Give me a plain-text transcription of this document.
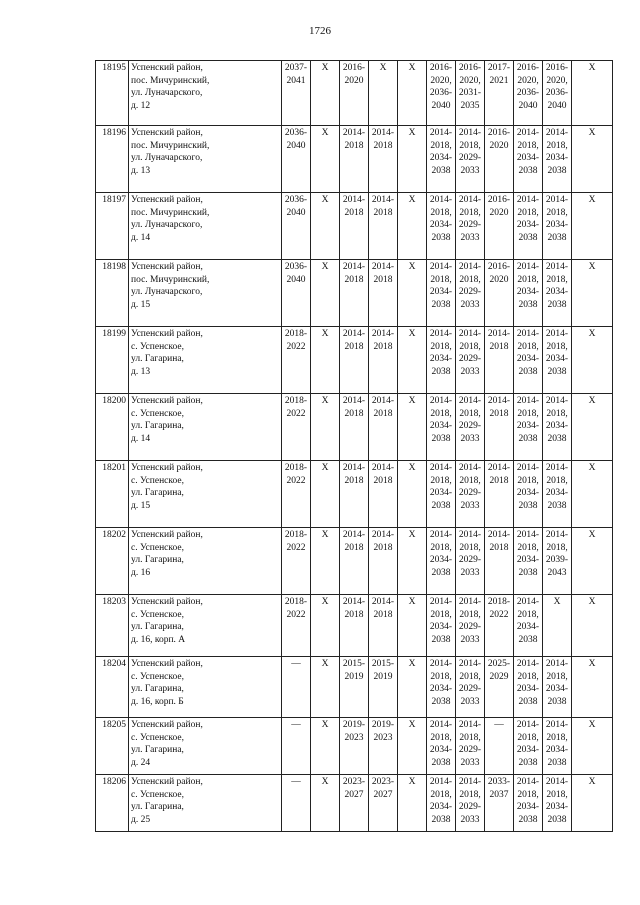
1726
18195	Успенский район,
пос. Мичуринский,
ул. Луначарского,
д. 12	2037-
2041	X	2016-
2020	X	X	2016-
2020,
2036-
2040	2016-
2020,
2031-
2035	2017-
2021	2016-
2020,
2036-
2040	2016-
2020,
2036-
2040	X

18196	Успенский район,
пос. Мичуринский,
ул. Луначарского,
д. 13	2036-
2040	X	2014-
2018	2014-
2018	X	2014-
2018,
2034-
2038	2014-
2018,
2029-
2033	2016-
2020	2014-
2018,
2034-
2038	2014-
2018,
2034-
2038	X

18197	Успенский район,
пос. Мичуринский,
ул. Луначарского,
д. 14	2036-
2040	X	2014-
2018	2014-
2018	X	2014-
2018,
2034-
2038	2014-
2018,
2029-
2033	2016-
2020	2014-
2018,
2034-
2038	2014-
2018,
2034-
2038	X

18198	Успенский район,
пос. Мичуринский,
ул. Луначарского,
д. 15	2036-
2040	X	2014-
2018	2014-
2018	X	2014-
2018,
2034-
2038	2014-
2018,
2029-
2033	2016-
2020	2014-
2018,
2034-
2038	2014-
2018,
2034-
2038	X

18199	Успенский район,
с. Успенское,
ул. Гагарина,
д. 13	2018-
2022	X	2014-
2018	2014-
2018	X	2014-
2018,
2034-
2038	2014-
2018,
2029-
2033	2014-
2018	2014-
2018,
2034-
2038	2014-
2018,
2034-
2038	X

18200	Успенский район,
с. Успенское,
ул. Гагарина,
д. 14	2018-
2022	X	2014-
2018	2014-
2018	X	2014-
2018,
2034-
2038	2014-
2018,
2029-
2033	2014-
2018	2014-
2018,
2034-
2038	2014-
2018,
2034-
2038	X

18201	Успенский район,
с. Успенское,
ул. Гагарина,
д. 15	2018-
2022	X	2014-
2018	2014-
2018	X	2014-
2018,
2034-
2038	2014-
2018,
2029-
2033	2014-
2018	2014-
2018,
2034-
2038	2014-
2018,
2034-
2038	X

18202	Успенский район,
с. Успенское,
ул. Гагарина,
д. 16	2018-
2022	X	2014-
2018	2014-
2018	X	2014-
2018,
2034-
2038	2014-
2018,
2029-
2033	2014-
2018	2014-
2018,
2034-
2038	2014-
2018,
2039-
2043	X

18203	Успенский район,
с. Успенское,
ул. Гагарина,
д. 16, корп. А	2018-
2022	X	2014-
2018	2014-
2018	X	2014-
2018,
2034-
2038	2014-
2018,
2029-
2033	2018-
2022	2014-
2018,
2034-
2038	X	X

18204	Успенский район,
с. Успенское,
ул. Гагарина,
д. 16, корп. Б	—	X	2015-
2019	2015-
2019	X	2014-
2018,
2034-
2038	2014-
2018,
2029-
2033	2025-
2029	2014-
2018,
2034-
2038	2014-
2018,
2034-
2038	X

18205	Успенский район,
с. Успенское,
ул. Гагарина,
д. 24	—	X	2019-
2023	2019-
2023	X	2014-
2018,
2034-
2038	2014-
2018,
2029-
2033	—	2014-
2018,
2034-
2038	2014-
2018,
2034-
2038	X

18206	Успенский район,
с. Успенское,
ул. Гагарина,
д. 25	—	X	2023-
2027	2023-
2027	X	2014-
2018,
2034-
2038	2014-
2018,
2029-
2033	2033-
2037	2014-
2018,
2034-
2038	2014-
2018,
2034-
2038	X
